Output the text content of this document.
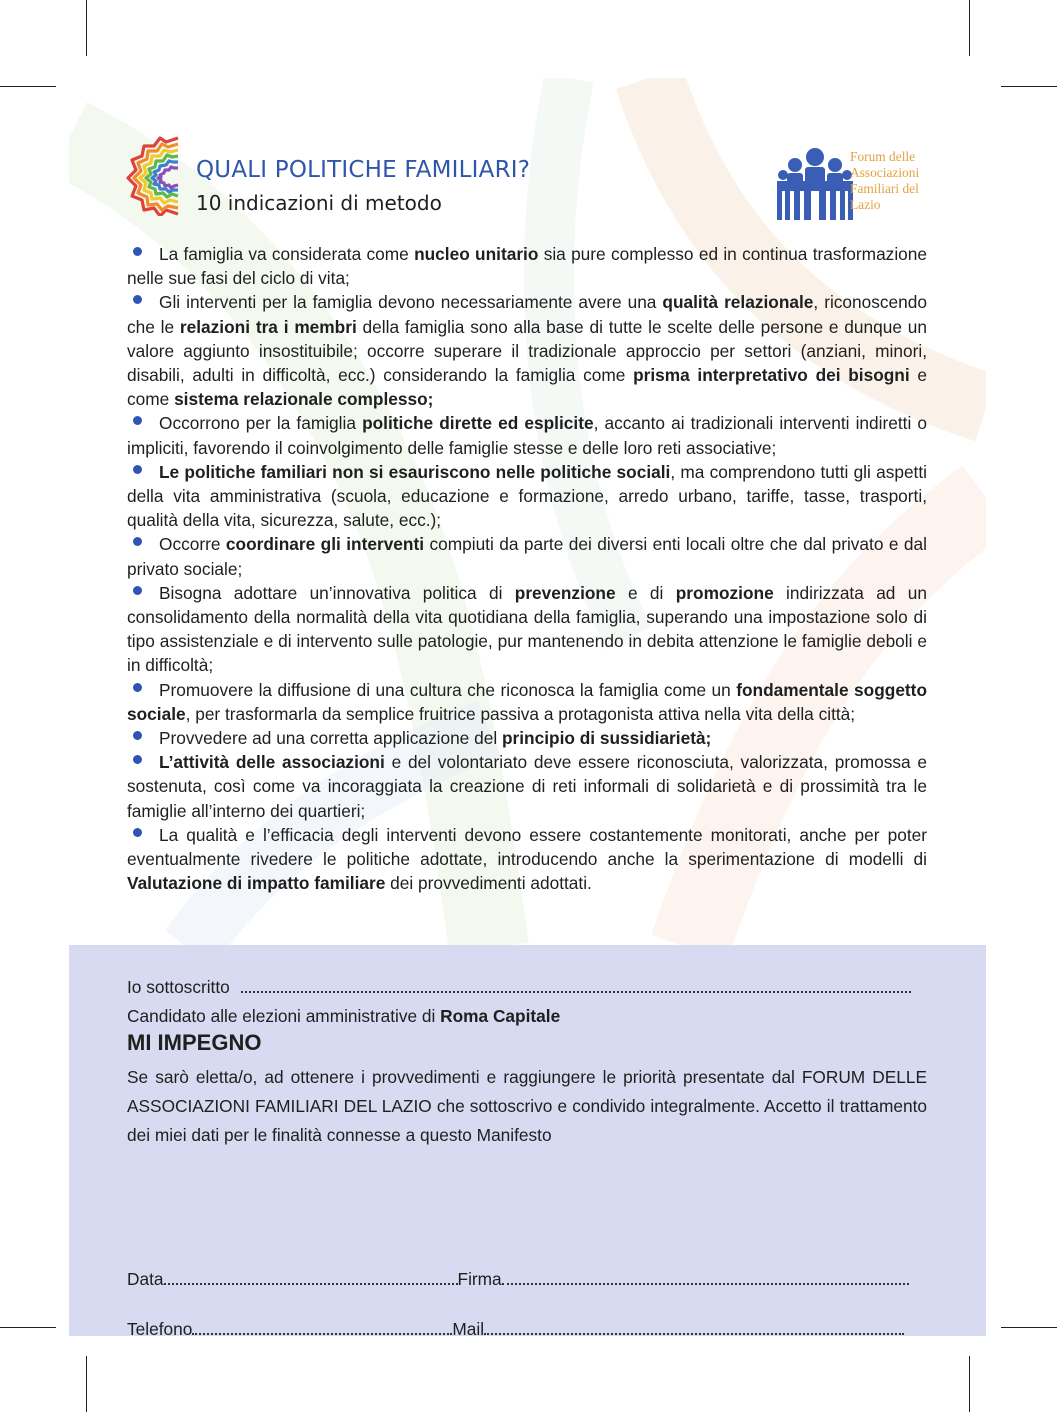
QUALI POLITICHE FAMILIARI?
10 indicazioni di metodo
Forum delle
Associazioni
Familiari del
Lazio
La famiglia va considerata come nucleo unitario sia pure complesso ed in continua trasformazione nelle sue fasi del ciclo di vita;
Gli interventi per la famiglia devono necessariamente avere una qualità relazionale, riconoscendo che le relazioni tra i membri della famiglia sono alla base di tutte le scelte delle persone e dunque un valore aggiunto insostituibile; occorre superare il tradizionale approccio per settori (anziani, minori, disabili, adulti in difficoltà, ecc.) considerando la famiglia come prisma interpretativo dei bisogni e come sistema relazionale complesso;
Occorrono per la famiglia politiche dirette ed esplicite, accanto ai tradizionali interventi indiretti o impliciti, favorendo il coinvolgimento delle famiglie stesse e delle loro reti associative;
Le politiche familiari non si esauriscono nelle politiche sociali, ma comprendono tutti gli aspetti della vita amministrativa (scuola, educazione e formazione, arredo urbano, tariffe, tasse, trasporti, qualità della vita, sicurezza, salute, ecc.);
Occorre coordinare gli interventi compiuti da parte dei diversi enti locali oltre che dal privato e dal privato sociale;
Bisogna adottare un’innovativa politica di prevenzione e di promozione indirizzata ad un consolidamento della normalità della vita quotidiana della famiglia, superando una impostazione solo di tipo assistenziale e di intervento sulle patologie, pur mantenendo in debita attenzione le famiglie deboli e in difficoltà;
Promuovere la diffusione di una cultura che riconosca la famiglia come un fondamentale soggetto sociale, per trasformarla da semplice fruitrice passiva a protagonista attiva nella vita della città;
Provvedere ad una corretta applicazione del principio di sussidiarietà;
L’attività delle associazioni e del volontariato deve essere riconosciuta, valorizzata, promossa e sostenuta, così come va incoraggiata la creazione di reti informali di solidarietà e di prossimità tra le famiglie all’interno dei quartieri;
La qualità e l’efficacia degli interventi devono essere costantemente monitorati, anche per poter eventualmente rivedere le politiche adottate, introducendo anche la sperimentazione di modelli di Valutazione di impatto familiare dei provvedimenti adottati.
Io sottoscritto
Candidato alle elezioni amministrative di Roma Capitale
MI IMPEGNO
Se sarò eletta/o, ad ottenere i provvedimenti e raggiungere le priorità presentate dal FORUM DELLE ASSOCIAZIONI FAMILIARI DEL LAZIO che sottoscrivo e condivido integralmente. Accetto il trattamento dei miei dati per le finalità connesse a questo Manifesto
Data	Firma
Telefono	Mail
